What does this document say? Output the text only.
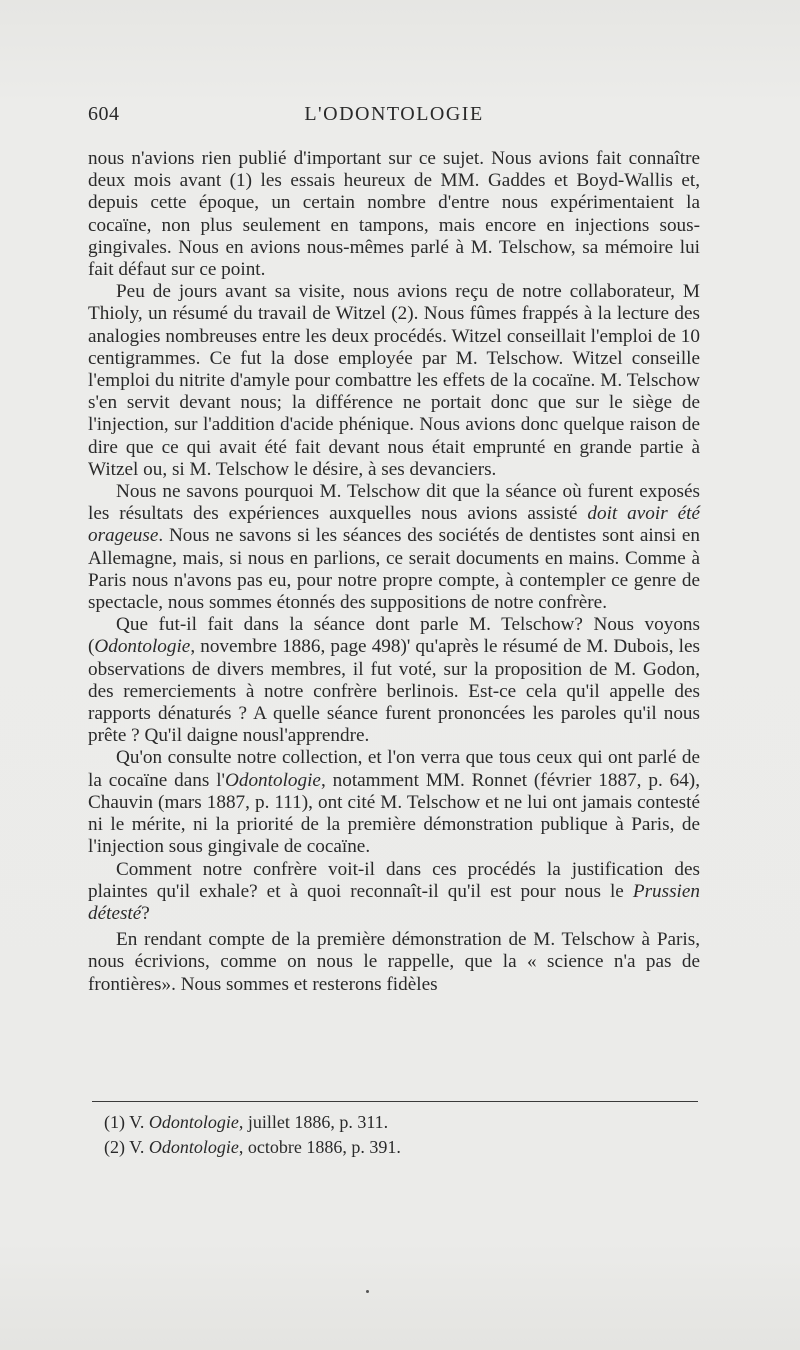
604	L'ODONTOLOGIE

nous n'avions rien publié d'important sur ce sujet. Nous avions fait connaître deux mois avant (1) les essais heureux de MM. Gaddes et Boyd-Wallis et, depuis cette époque, un certain nombre d'entre nous expérimentaient la cocaïne, non plus seulement en tampons, mais encore en injections sous-gingivales. Nous en avions nous-mêmes parlé à M. Telschow, sa mémoire lui fait défaut sur ce point.

Peu de jours avant sa visite, nous avions reçu de notre collaborateur, M Thioly, un résumé du travail de Witzel (2). Nous fûmes frappés à la lecture des analogies nombreuses entre les deux procédés. Witzel conseillait l'emploi de 10 centigrammes. Ce fut la dose employée par M. Telschow. Witzel conseille l'emploi du nitrite d'amyle pour combattre les effets de la cocaïne. M. Telschow s'en servit devant nous; la différence ne portait donc que sur le siège de l'injection, sur l'addition d'acide phénique. Nous avions donc quelque raison de dire que ce qui avait été fait devant nous était emprunté en grande partie à Witzel ou, si M. Telschow le désire, à ses devanciers.

Nous ne savons pourquoi M. Telschow dit que la séance où furent exposés les résultats des expériences auxquelles nous avions assisté doit avoir été orageuse. Nous ne savons si les séances des sociétés de dentistes sont ainsi en Allemagne, mais, si nous en parlions, ce serait documents en mains. Comme à Paris nous n'avons pas eu, pour notre propre compte, à contempler ce genre de spectacle, nous sommes étonnés des suppositions de notre confrère.

Que fut-il fait dans la séance dont parle M. Telschow? Nous voyons (Odontologie, novembre 1886, page 498)' qu'après le résumé de M. Dubois, les observations de divers membres, il fut voté, sur la proposition de M. Godon, des remerciements à notre confrère berlinois. Est-ce cela qu'il appelle des rapports dénaturés ? A quelle séance furent prononcées les paroles qu'il nous prête ? Qu'il daigne nousl'apprendre.

Qu'on consulte notre collection, et l'on verra que tous ceux qui ont parlé de la cocaïne dans l'Odontologie, notamment MM. Ronnet (février 1887, p. 64), Chauvin (mars 1887, p. 111), ont cité M. Telschow et ne lui ont jamais contesté ni le mérite, ni la priorité de la première démonstration publique à Paris, de l'injection sous gingivale de cocaïne.

Comment notre confrère voit-il dans ces procédés la justification des plaintes qu'il exhale? et à quoi reconnaît-il qu'il est pour nous le Prussien détesté?

En rendant compte de la première démonstration de M. Telschow à Paris, nous écrivions, comme on nous le rappelle, que la « science n'a pas de frontières». Nous sommes et resterons fidèles

(1) V. Odontologie, juillet 1886, p. 311.
(2) V. Odontologie, octobre 1886, p. 391.
